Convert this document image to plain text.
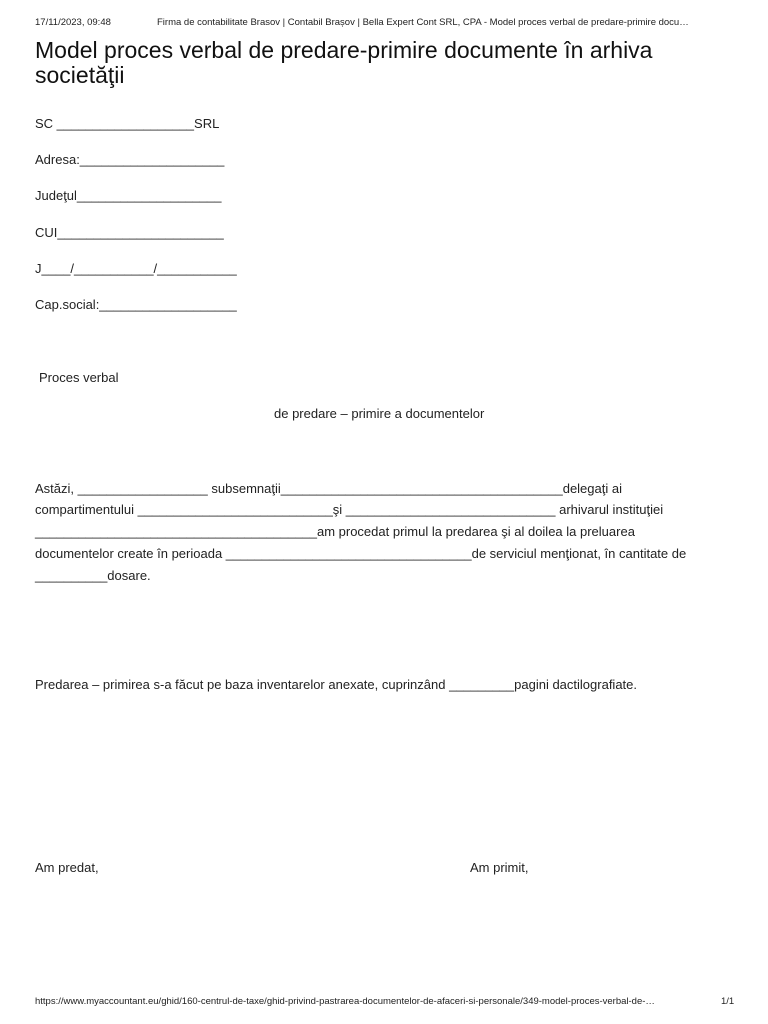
17/11/2023, 09:48	Firma de contabilitate Brasov | Contabil Brașov | Bella Expert Cont SRL, CPA - Model proces verbal de predare-primire docu…
Model proces verbal de predare-primire documente în arhiva societăţii
SC ___________________SRL
Adresa:____________________
Judeţul____________________
CUI_______________________
J____/___________/___________
Cap.social:___________________
Proces verbal
de predare – primire a documentelor
Astăzi, __________________ subsemnaţii_______________________________________delegaţi ai
compartimentului ___________________________şi _____________________________ arhivarul instituţiei
_______________________________________am procedat primul la predarea şi al doilea la preluarea
documentelor create în perioada __________________________________de serviciul menţionat, în cantitate de
__________dosare.
Predarea – primirea s-a făcut pe baza inventarelor anexate, cuprinzând _________pagini dactilografiate.
Am predat,	Am primit,
https://www.myaccountant.eu/ghid/160-centrul-de-taxe/ghid-privind-pastrarea-documentelor-de-afaceri-si-personale/349-model-proces-verbal-de-…	1/1
